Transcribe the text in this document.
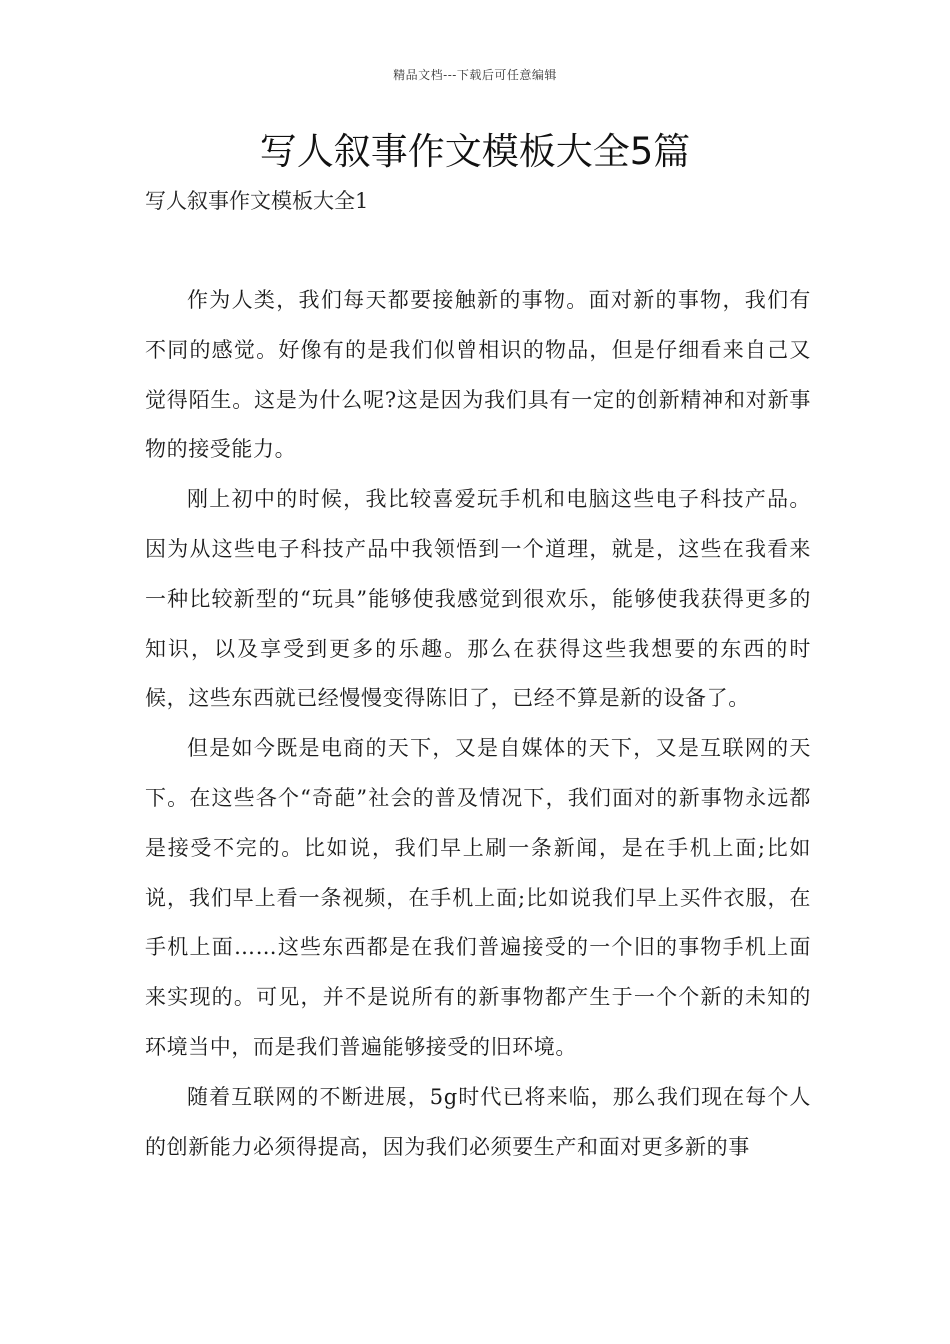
精品文档---下载后可任意编辑
写人叙事作文模板大全5篇
写人叙事作文模板大全1

作为人类，我们每天都要接触新的事物。面对新的事物，我们有不同的感觉。好像有的是我们似曾相识的物品，但是仔细看来自己又觉得陌生。这是为什么呢?这是因为我们具有一定的创新精神和对新事物的接受能力。

刚上初中的时候，我比较喜爱玩手机和电脑这些电子科技产品。因为从这些电子科技产品中我领悟到一个道理，就是，这些在我看来一种比较新型的“玩具”能够使我感觉到很欢乐，能够使我获得更多的知识，以及享受到更多的乐趣。那么在获得这些我想要的东西的时候，这些东西就已经慢慢变得陈旧了，已经不算是新的设备了。

但是如今既是电商的天下，又是自媒体的天下，又是互联网的天下。在这些各个“奇葩”社会的普及情况下，我们面对的新事物永远都是接受不完的。比如说，我们早上刷一条新闻，是在手机上面;比如说，我们早上看一条视频，在手机上面;比如说我们早上买件衣服，在手机上面……这些东西都是在我们普遍接受的一个旧的事物手机上面来实现的。可见，并不是说所有的新事物都产生于一个个新的未知的环境当中，而是我们普遍能够接受的旧环境。

随着互联网的不断进展，5g时代已将来临，那么我们现在每个人的创新能力必须得提高，因为我们必须要生产和面对更多新的事
